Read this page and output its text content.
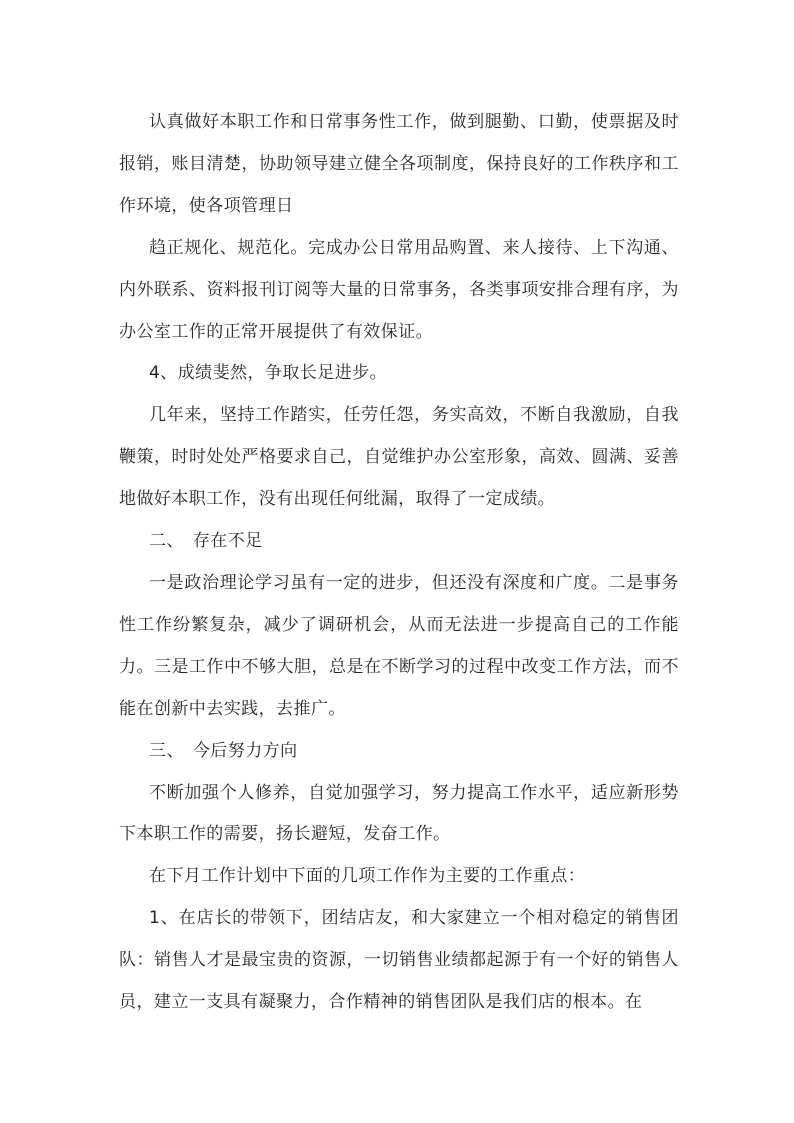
认真做好本职工作和日常事务性工作，做到腿勤、口勤，使票据及时报销，账目清楚，协助领导建立健全各项制度，保持良好的工作秩序和工作环境，使各项管理日

趋正规化、规范化。完成办公日常用品购置、来人接待、上下沟通、内外联系、资料报刊订阅等大量的日常事务，各类事项安排合理有序，为办公室工作的正常开展提供了有效保证。

4、成绩斐然，争取长足进步。

几年来，坚持工作踏实，任劳任怨，务实高效，不断自我激励，自我鞭策，时时处处严格要求自己，自觉维护办公室形象，高效、圆满、妥善地做好本职工作，没有出现任何纰漏，取得了一定成绩。

二、　存在不足

一是政治理论学习虽有一定的进步，但还没有深度和广度。二是事务性工作纷繁复杂，减少了调研机会，从而无法进一步提高自己的工作能力。三是工作中不够大胆，总是在不断学习的过程中改变工作方法，而不能在创新中去实践，去推广。

三、　今后努力方向

不断加强个人修养，自觉加强学习，努力提高工作水平，适应新形势下本职工作的需要，扬长避短，发奋工作。

在下月工作计划中下面的几项工作作为主要的工作重点：

1、在店长的带领下，团结店友，和大家建立一个相对稳定的销售团队：销售人才是最宝贵的资源，一切销售业绩都起源于有一个好的销售人员，建立一支具有凝聚力，合作精神的销售团队是我们店的根本。在
